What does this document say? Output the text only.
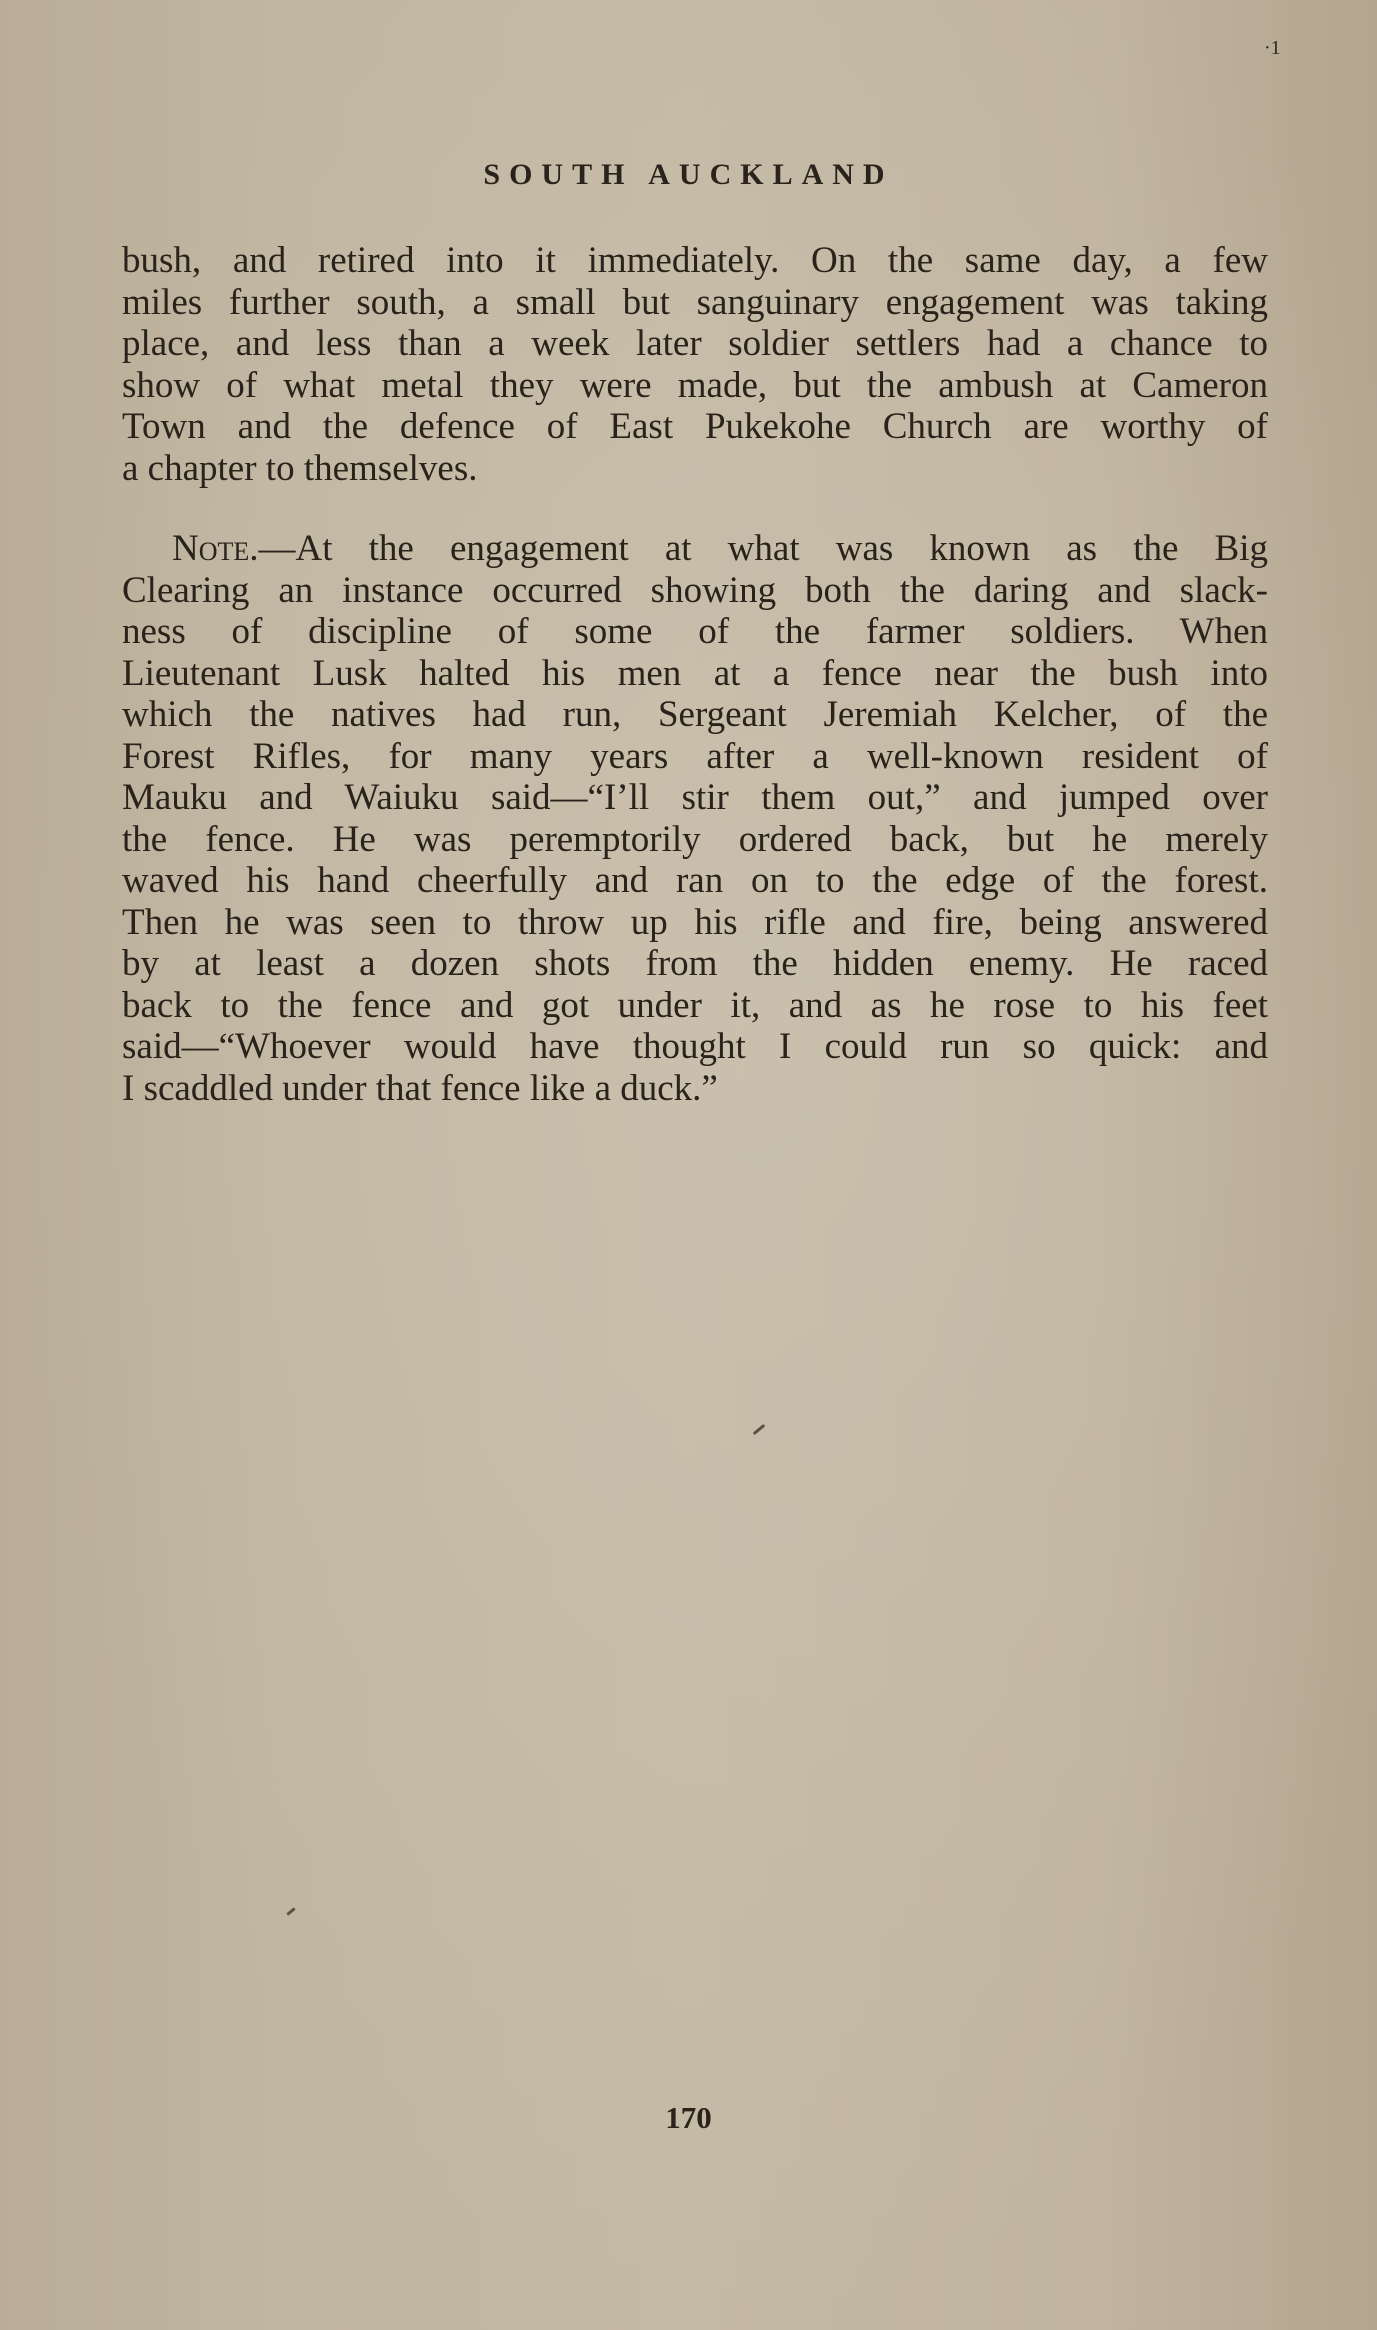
·1
SOUTH AUCKLAND
bush, and retired into it immediately. On the same day, a few
miles further south, a small but sanguinary engagement was taking
place, and less than a week later soldier settlers had a chance to
show of what metal they were made, but the ambush at Cameron
Town and the defence of East Pukekohe Church are worthy of
a chapter to themselves.
Note.—At the engagement at what was known as the Big
Clearing an instance occurred showing both the daring and slack-
ness of discipline of some of the farmer soldiers. When
Lieutenant Lusk halted his men at a fence near the bush into
which the natives had run, Sergeant Jeremiah Kelcher, of the
Forest Rifles, for many years after a well-known resident of
Mauku and Waiuku said—“I’ll stir them out,” and jumped over
the fence. He was peremptorily ordered back, but he merely
waved his hand cheerfully and ran on to the edge of the forest.
Then he was seen to throw up his rifle and fire, being answered
by at least a dozen shots from the hidden enemy. He raced
back to the fence and got under it, and as he rose to his feet
said—“Whoever would have thought I could run so quick: and
I scaddled under that fence like a duck.”
170
